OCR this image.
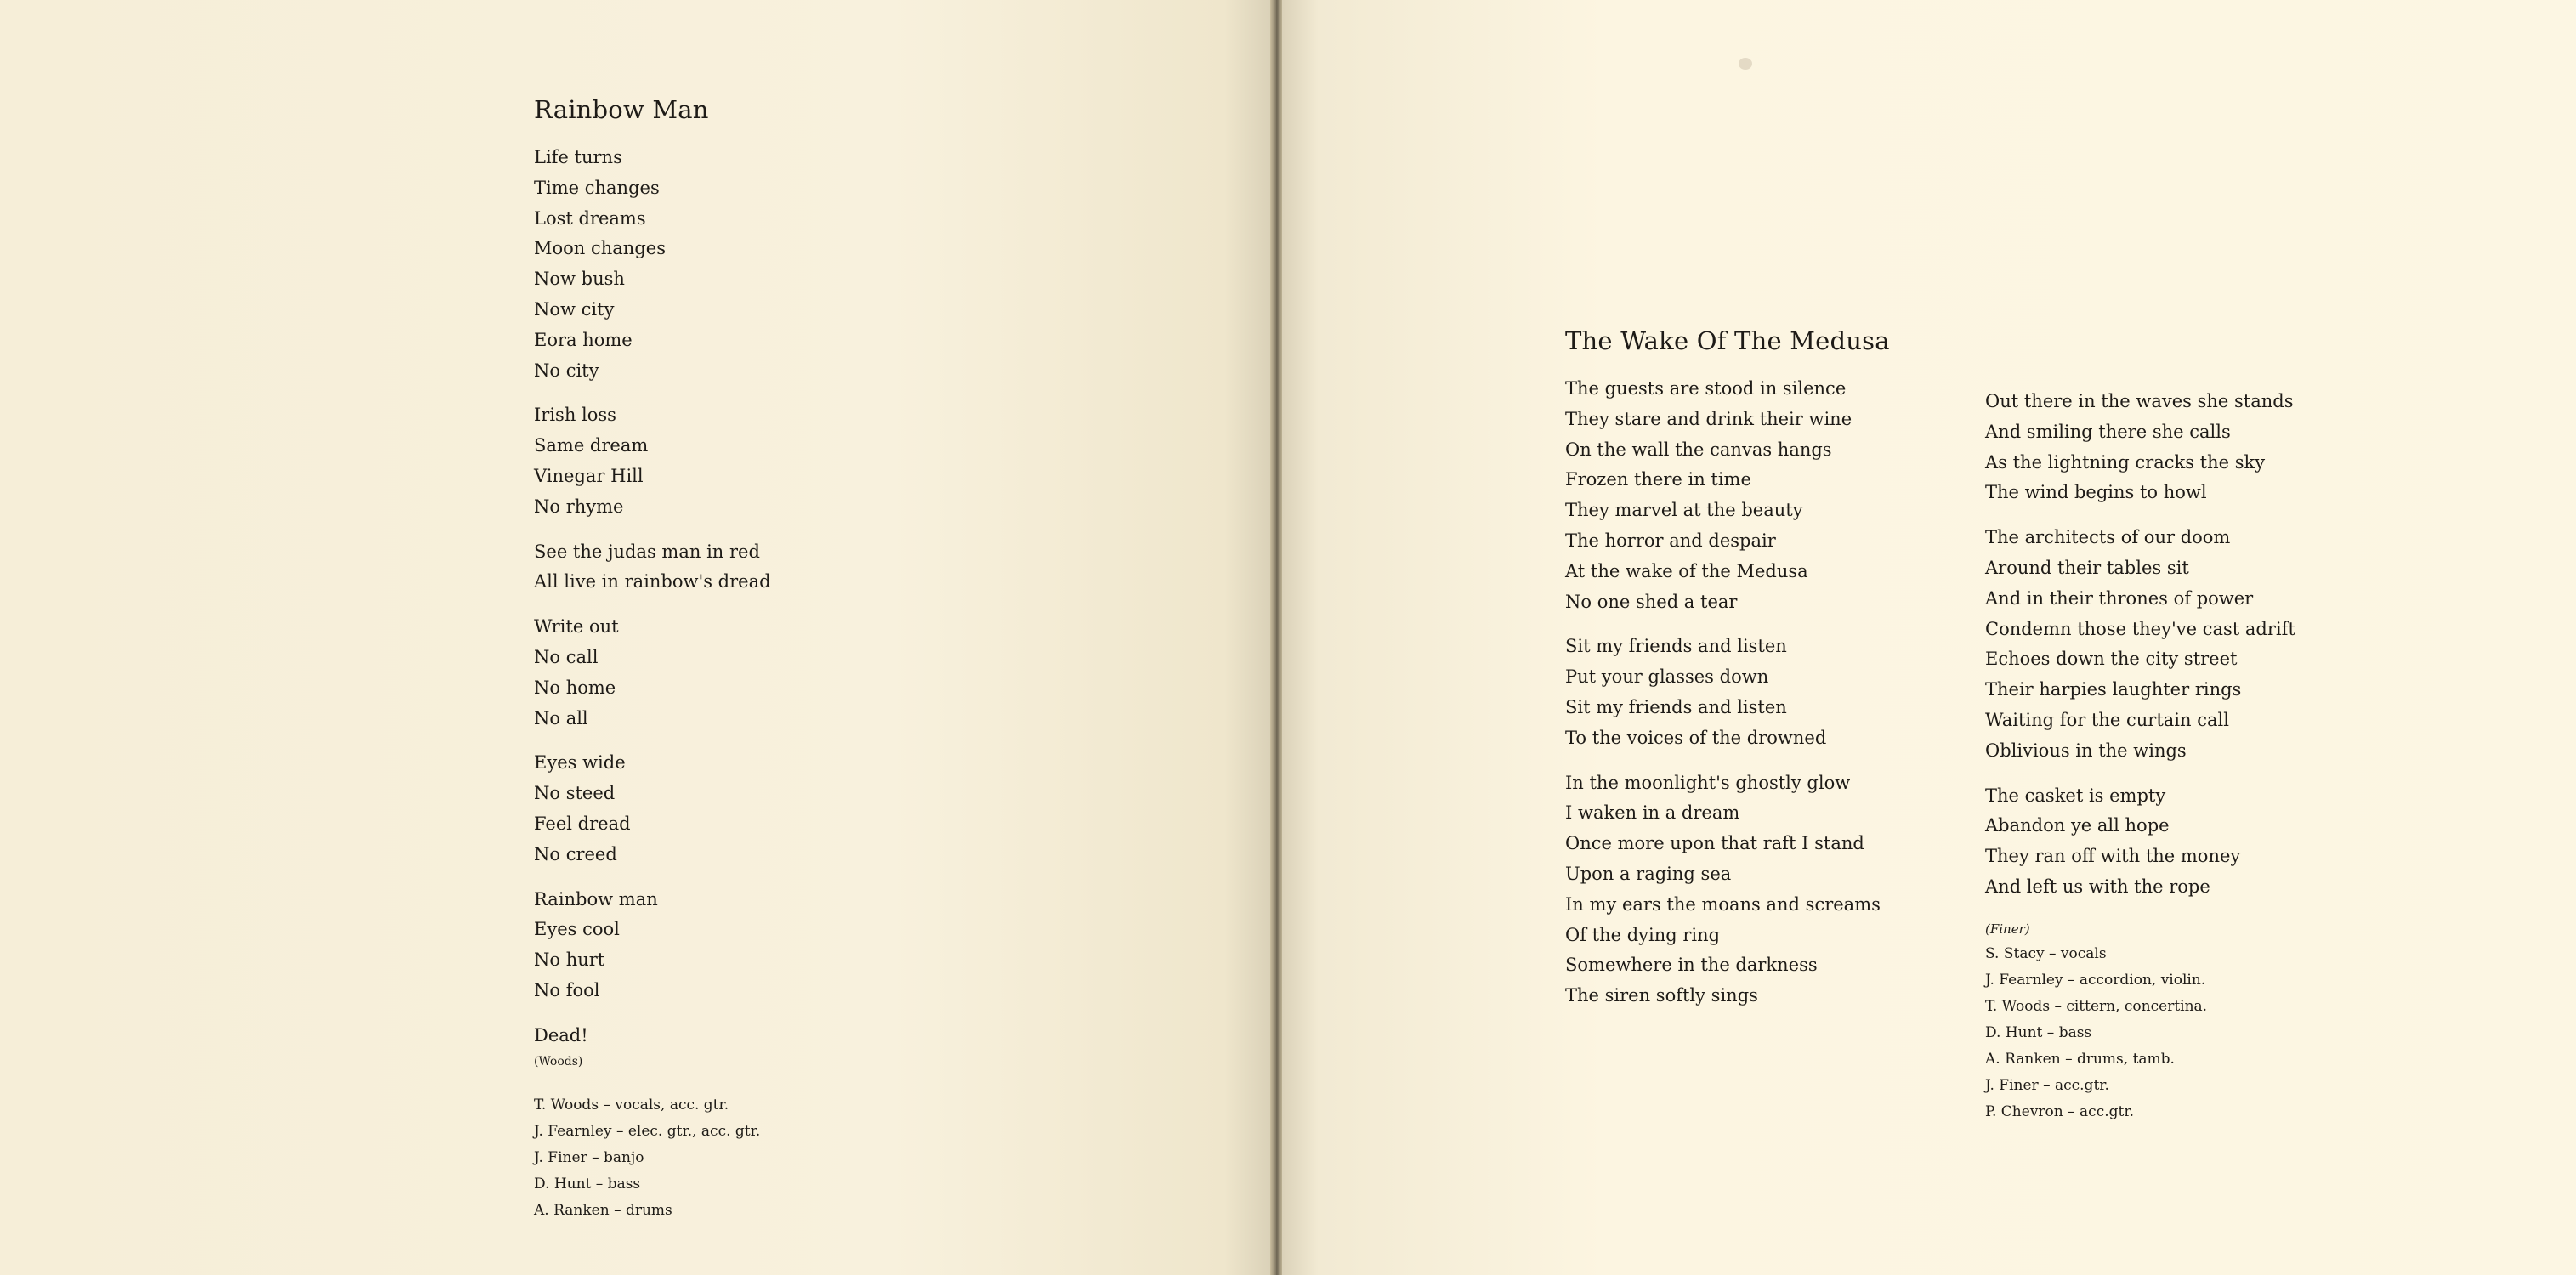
Rainbow Man
Life turns
Time changes
Lost dreams
Moon changes
Now bush
Now city
Eora home
No city
Irish loss
Same dream
Vinegar Hill
No rhyme
See the judas man in red
All live in rainbow's dread
Write out
No call
No home
No all
Eyes wide
No steed
Feel dread
No creed
Rainbow man
Eyes cool
No hurt
No fool
Dead!
(Woods)
T. Woods – vocals, acc. gtr.
J. Fearnley – elec. gtr., acc. gtr.
J. Finer – banjo
D. Hunt – bass
A. Ranken – drums
The Wake Of The Medusa
The guests are stood in silence
They stare and drink their wine
On the wall the canvas hangs
Frozen there in time
They marvel at the beauty
The horror and despair
At the wake of the Medusa
No one shed a tear
Sit my friends and listen
Put your glasses down
Sit my friends and listen
To the voices of the drowned
In the moonlight's ghostly glow
I waken in a dream
Once more upon that raft I stand
Upon a raging sea
In my ears the moans and screams
Of the dying ring
Somewhere in the darkness
The siren softly sings
Out there in the waves she stands
And smiling there she calls
As the lightning cracks the sky
The wind begins to howl
The architects of our doom
Around their tables sit
And in their thrones of power
Condemn those they've cast adrift
Echoes down the city street
Their harpies laughter rings
Waiting for the curtain call
Oblivious in the wings
The casket is empty
Abandon ye all hope
They ran off with the money
And left us with the rope
(Finer)
S. Stacy – vocals
J. Fearnley – accordion, violin.
T. Woods – cittern, concertina.
D. Hunt – bass
A. Ranken – drums, tamb.
J. Finer – acc.gtr.
P. Chevron – acc.gtr.
